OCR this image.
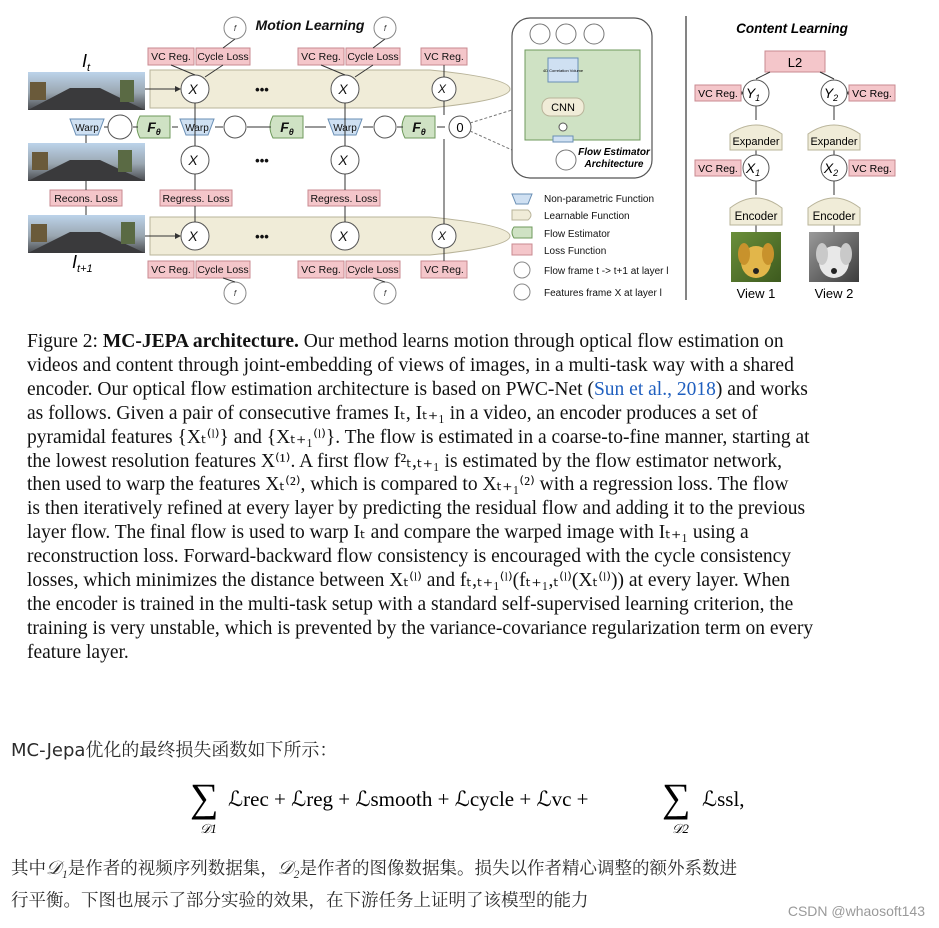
Motion Learning
$I_t$
$I_{t+1}$
VC Reg. Cycle Loss	VC Reg. Cycle Loss VC Reg.
VC Reg. Cycle Loss	VC Reg. Cycle Loss VC Reg.
Recons. Loss	Regress. Loss	Regress. Loss
f	f
f	f
X	X	X
X	X
X	X	X
•••
•••
•••
Warp	Warp	Warp
$F_\theta$	$F_\theta$	$F_\theta$ 0
4D Correlation Volume
CNN
Flow Estimator
Architecture
Non-parametric Function
Learnable Function
Flow Estimator
Loss Function
Flow frame t -> t+1 at layer l
Features frame X at layer l
Content Learning
L2
$Y_1$	$Y_2$
Expander	Expander
$X_1$	$X_2$
Encoder	Encoder
VC Reg.	VC Reg.
VC Reg.	VC Reg.
View 1	View 2
Figure 2: MC-JEPA architecture. Our method learns motion through optical flow estimation on
videos and content through joint-embedding of views of images, in a multi-task way with a shared
encoder. Our optical flow estimation architecture is based on PWC-Net (Sun et al., 2018) and works
as follows. Given a pair of consecutive frames Iₜ, Iₜ₊₁ in a video, an encoder produces a set of
pyramidal features {Xₜ⁽ˡ⁾} and {Xₜ₊₁⁽ˡ⁾}. The flow is estimated in a coarse-to-fine manner, starting at
the lowest resolution features X⁽¹⁾. A first flow f²ₜ,ₜ₊₁ is estimated by the flow estimator network,
then used to warp the features Xₜ⁽²⁾, which is compared to Xₜ₊₁⁽²⁾ with a regression loss. The flow
is then iteratively refined at every layer by predicting the residual flow and adding it to the previous
layer flow. The final flow is used to warp Iₜ and compare the warped image with Iₜ₊₁ using a
reconstruction loss. Forward-backward flow consistency is encouraged with the cycle consistency
losses, which minimizes the distance between Xₜ⁽ˡ⁾ and fₜ,ₜ₊₁⁽ˡ⁾(fₜ₊₁,ₜ⁽ˡ⁾(Xₜ⁽ˡ⁾)) at every layer. When
the encoder is trained in the multi-task setup with a standard self-supervised learning criterion, the
training is very unstable, which is prevented by the variance-covariance regularization term on every
feature layer.
MC-Jepa优化的最终损失函数如下所示：
∑
𝒟1
ℒrec + ℒreg + ℒsmooth + ℒcycle + ℒvc + ∑
𝒟2
ℒssl,
其中𝒟₁是作者的视频序列数据集，𝒟₂是作者的图像数据集。损失以作者精心调整的额外系数进
行平衡。下图也展示了部分实验的效果，在下游任务上证明了该模型的能力	CSDN @whaosoft143
